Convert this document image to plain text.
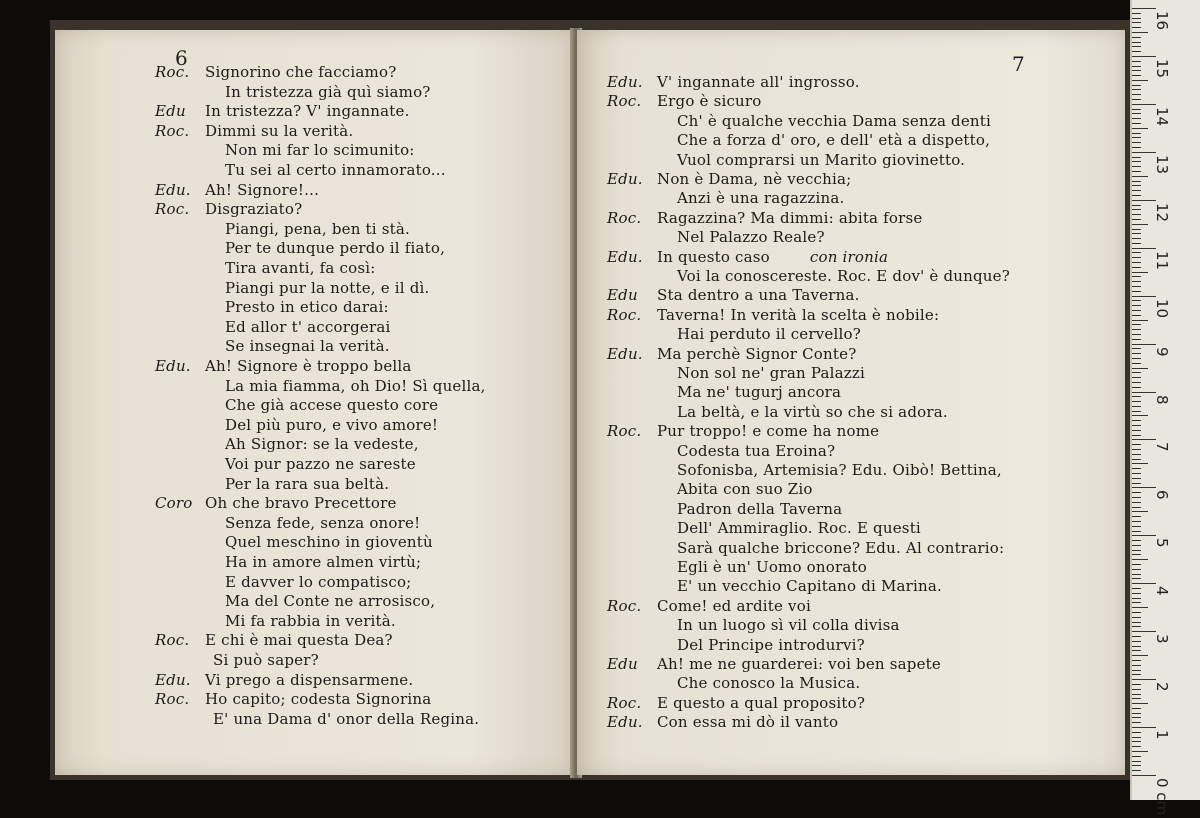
6
Roc. Signorino che facciamo?
In tristezza già quì siamo?
Edu In tristezza? V' ingannate.
Roc. Dimmi su la verità.
Non mi far lo scimunito:
Tu sei al certo innamorato...
Edu. Ah! Signore!...
Roc. Disgraziato?
Piangi, pena, ben ti stà.
Per te dunque perdo il fiato,
Tira avanti, fa così:
Piangi pur la notte, e il dì.
Presto in etico darai:
Ed allor t' accorgerai
Se insegnai la verità.
Edu. Ah! Signore è troppo bella
La mia fiamma, oh Dio! Sì quella,
Che già accese questo core
Del più puro, e vivo amore!
Ah Signor: se la vedeste,
Voi pur pazzo ne sareste
Per la rara sua beltà.
Coro Oh che bravo Precettore
Senza fede, senza onore!
Quel meschino in gioventù
Ha in amore almen virtù;
E davver lo compatisco;
Ma del Conte ne arrosisco,
Mi fa rabbia in verità.
Roc. E chi è mai questa Dea?
Si può saper?
Edu. Vi prego a dispensarmene.
Roc. Ho capito; codesta Signorina
E' una Dama d' onor della Regina.
7
Edu. V' ingannate all' ingrosso.
Roc. Ergo è sicuro
Ch' è qualche vecchia Dama senza denti
Che a forza d' oro, e dell' età a dispetto,
Vuol comprarsi un Marito giovinetto.
Edu. Non è Dama, nè vecchia;
Anzi è una ragazzina.
Roc. Ragazzina? Ma dimmi: abita forse
Nel Palazzo Reale?
Edu. In questo caso	con ironia
Voi la conoscereste. Roc. E dov' è dunque?
Edu Sta dentro a una Taverna.
Roc. Taverna! In verità la scelta è nobile:
Hai perduto il cervello?
Edu. Ma perchè Signor Conte?
Non sol ne' gran Palazzi
Ma ne' tugurj ancora
La beltà, e la virtù so che si adora.
Roc. Pur troppo! e come ha nome
Codesta tua Eroina?
Sofonisba, Artemisia? Edu. Oibò! Bettina,
Abita con suo Zio
Padron della Taverna
Dell' Ammiraglio. Roc. E questi
Sarà qualche briccone? Edu. Al contrario:
Egli è un' Uomo onorato
E' un vecchio Capitano di Marina.
Roc. Come! ed ardite voi
In un luogo sì vil colla divisa
Del Principe introdurvi?
Edu Ah! me ne guarderei: voi ben sapete
Che conosco la Musica.
Roc. E questo a qual proposito?
Edu. Con essa mi dò il vanto
16
15
14
13
12
11
10
9
8
7
6
5
4
3
2
1
0 cm
